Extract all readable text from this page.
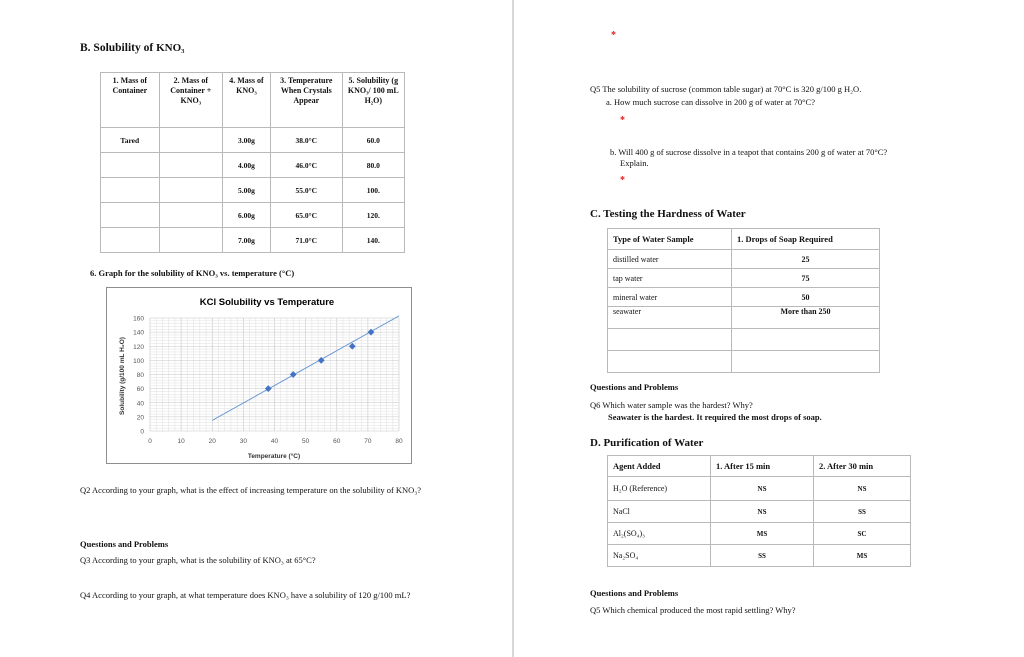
B. Solubility of KNO₃
1. Mass of Container	2. Mass of Container + KNO₃	4. Mass of KNO₃	3. Temperature When Crystals Appear	5. Solubility (g KNO₃/ 100 mL H₂O)
Tared		3.00g	38.0°C	60.0
		4.00g	46.0°C	80.0
		5.00g	55.0°C	100.
		6.00g	65.0°C	120.
		7.00g	71.0°C	140.
6. Graph for the solubility of KNO₃ vs. temperature (°C)
KCl Solubility vs Temperature
0	10	20	30	40	50	60	70	80
0
20
40
60
80
100
120
140
160
Temperature (°C)
Solubility (g/100 mL H₂O)
Q2 According to your graph, what is the effect of increasing temperature on the solubility of KNO₃?
Questions and Problems
Q3 According to your graph, what is the solubility of KNO₃ at 65°C?
Q4 According to your graph, at what temperature does KNO₃ have a solubility of 120 g/100 mL?
*
Q5 The solubility of sucrose (common table sugar) at 70°C is 320 g/100 g H₂O.
a. How much sucrose can dissolve in 200 g of water at 70°C?
*
b. Will 400 g of sucrose dissolve in a teapot that contains 200 g of water at 70°C?
Explain.
*
C. Testing the Hardness of Water
Type of Water Sample	1. Drops of Soap Required
distilled water	25
tap water	75
mineral water	50
seawater	More than 250

Questions and Problems
Q6 Which water sample was the hardest? Why?
Seawater is the hardest. It required the most drops of soap.
D. Purification of Water
Agent Added	1. After 15 min	2. After 30 min
H₂O (Reference)	NS	NS
NaCl	NS	SS
Al₂(SO₄)₃	MS	SC
Na₂SO₄	SS	MS
Questions and Problems
Q5 Which chemical produced the most rapid settling? Why?
